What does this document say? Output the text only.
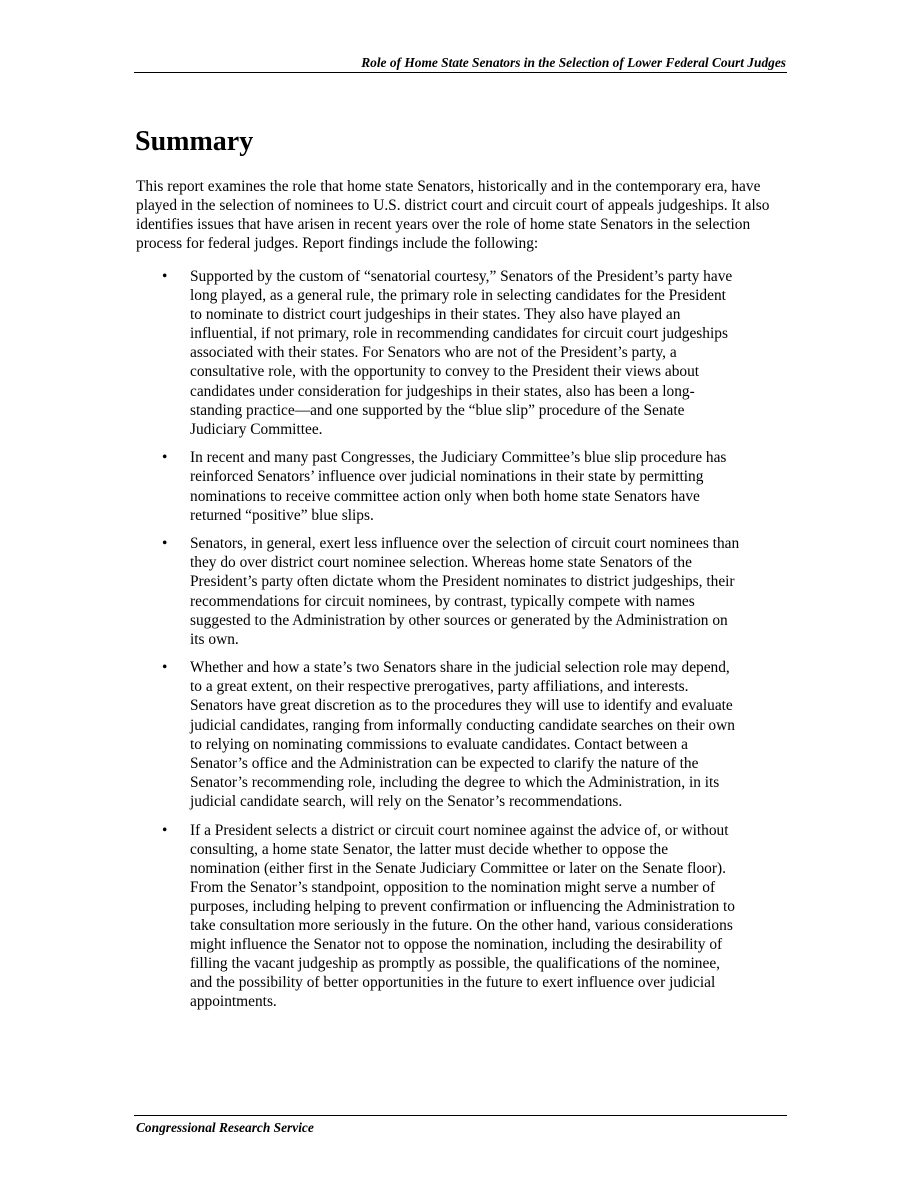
Role of Home State Senators in the Selection of Lower Federal Court Judges
Summary

This report examines the role that home state Senators, historically and in the contemporary era, have played in the selection of nominees to U.S. district court and circuit court of appeals judgeships. It also identifies issues that have arisen in recent years over the role of home state Senators in the selection process for federal judges. Report findings include the following:

• Supported by the custom of “senatorial courtesy,” Senators of the President’s party have long played, as a general rule, the primary role in selecting candidates for the President to nominate to district court judgeships in their states. They also have played an influential, if not primary, role in recommending candidates for circuit court judgeships associated with their states. For Senators who are not of the President’s party, a consultative role, with the opportunity to convey to the President their views about candidates under consideration for judgeships in their states, also has been a long-standing practice—and one supported by the “blue slip” procedure of the Senate Judiciary Committee.
• In recent and many past Congresses, the Judiciary Committee’s blue slip procedure has reinforced Senators’ influence over judicial nominations in their state by permitting nominations to receive committee action only when both home state Senators have returned “positive” blue slips.
• Senators, in general, exert less influence over the selection of circuit court nominees than they do over district court nominee selection. Whereas home state Senators of the President’s party often dictate whom the President nominates to district judgeships, their recommendations for circuit nominees, by contrast, typically compete with names suggested to the Administration by other sources or generated by the Administration on its own.
• Whether and how a state’s two Senators share in the judicial selection role may depend, to a great extent, on their respective prerogatives, party affiliations, and interests. Senators have great discretion as to the procedures they will use to identify and evaluate judicial candidates, ranging from informally conducting candidate searches on their own to relying on nominating commissions to evaluate candidates. Contact between a Senator’s office and the Administration can be expected to clarify the nature of the Senator’s recommending role, including the degree to which the Administration, in its judicial candidate search, will rely on the Senator’s recommendations.
• If a President selects a district or circuit court nominee against the advice of, or without consulting, a home state Senator, the latter must decide whether to oppose the nomination (either first in the Senate Judiciary Committee or later on the Senate floor). From the Senator’s standpoint, opposition to the nomination might serve a number of purposes, including helping to prevent confirmation or influencing the Administration to take consultation more seriously in the future. On the other hand, various considerations might influence the Senator not to oppose the nomination, including the desirability of filling the vacant judgeship as promptly as possible, the qualifications of the nominee, and the possibility of better opportunities in the future to exert influence over judicial appointments.
Congressional Research Service
